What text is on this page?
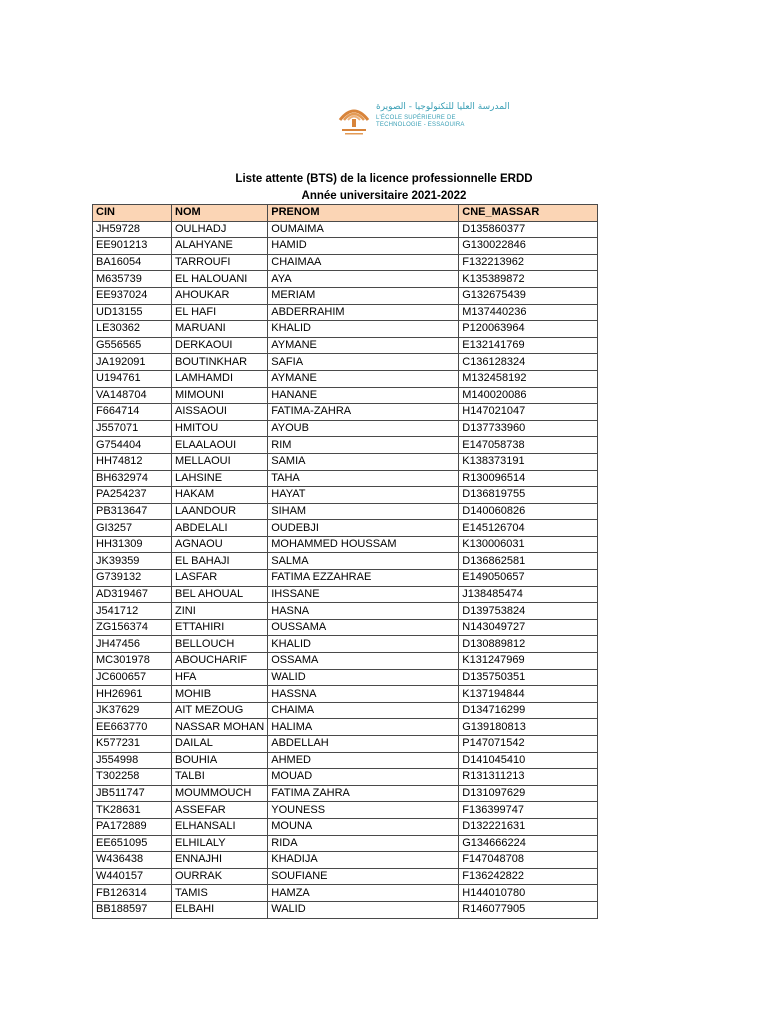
المدرسة العليا للتكنولوجيا - الصويرة
L'ÉCOLE SUPÉRIEURE DE
TECHNOLOGIE - ESSAOUIRA
Liste attente (BTS) de la licence professionnelle ERDD
Année universitaire 2021-2022
CIN	NOM	PRENOM	CNE_MASSAR
JH59728	OULHADJ	OUMAIMA	D135860377
EE901213	ALAHYANE	HAMID	G130022846
BA16054	TARROUFI	CHAIMAA	F132213962
M635739	EL HALOUANI	AYA	K135389872
EE937024	AHOUKAR	MERIAM	G132675439
UD13155	EL HAFI	ABDERRAHIM	M137440236
LE30362	MARUANI	KHALID	P120063964
G556565	DERKAOUI	AYMANE	E132141769
JA192091	BOUTINKHAR	SAFIA	C136128324
U194761	LAMHAMDI	AYMANE	M132458192
VA148704	MIMOUNI	HANANE	M140020086
F664714	AISSAOUI	FATIMA-ZAHRA	H147021047
J557071	HMITOU	AYOUB	D137733960
G754404	ELAALAOUI	RIM	E147058738
HH74812	MELLAOUI	SAMIA	K138373191
BH632974	LAHSINE	TAHA	R130096514
PA254237	HAKAM	HAYAT	D136819755
PB313647	LAANDOUR	SIHAM	D140060826
GI3257	ABDELALI	OUDEBJI	E145126704
HH31309	AGNAOU	MOHAMMED HOUSSAM	K130006031
JK39359	EL BAHAJI	SALMA	D136862581
G739132	LASFAR	FATIMA EZZAHRAE	E149050657
AD319467	BEL AHOUAL	IHSSANE	J138485474
J541712	ZINI	HASNA	D139753824
ZG156374	ETTAHIRI	OUSSAMA	N143049727
JH47456	BELLOUCH	KHALID	D130889812
MC301978	ABOUCHARIF	OSSAMA	K131247969
JC600657	HFA	WALID	D135750351
HH26961	MOHIB	HASSNA	K137194844
JK37629	AIT MEZOUG	CHAIMA	D134716299
EE663770	NASSAR MOHAN	HALIMA	G139180813
K577231	DAILAL	ABDELLAH	P147071542
J554998	BOUHIA	AHMED	D141045410
T302258	TALBI	MOUAD	R131311213
JB511747	MOUMMOUCH	FATIMA ZAHRA	D131097629
TK28631	ASSEFAR	YOUNESS	F136399747
PA172889	ELHANSALI	MOUNA	D132221631
EE651095	ELHILALY	RIDA	G134666224
W436438	ENNAJHI	KHADIJA	F147048708
W440157	OURRAK	SOUFIANE	F136242822
FB126314	TAMIS	HAMZA	H144010780
BB188597	ELBAHI	WALID	R146077905
